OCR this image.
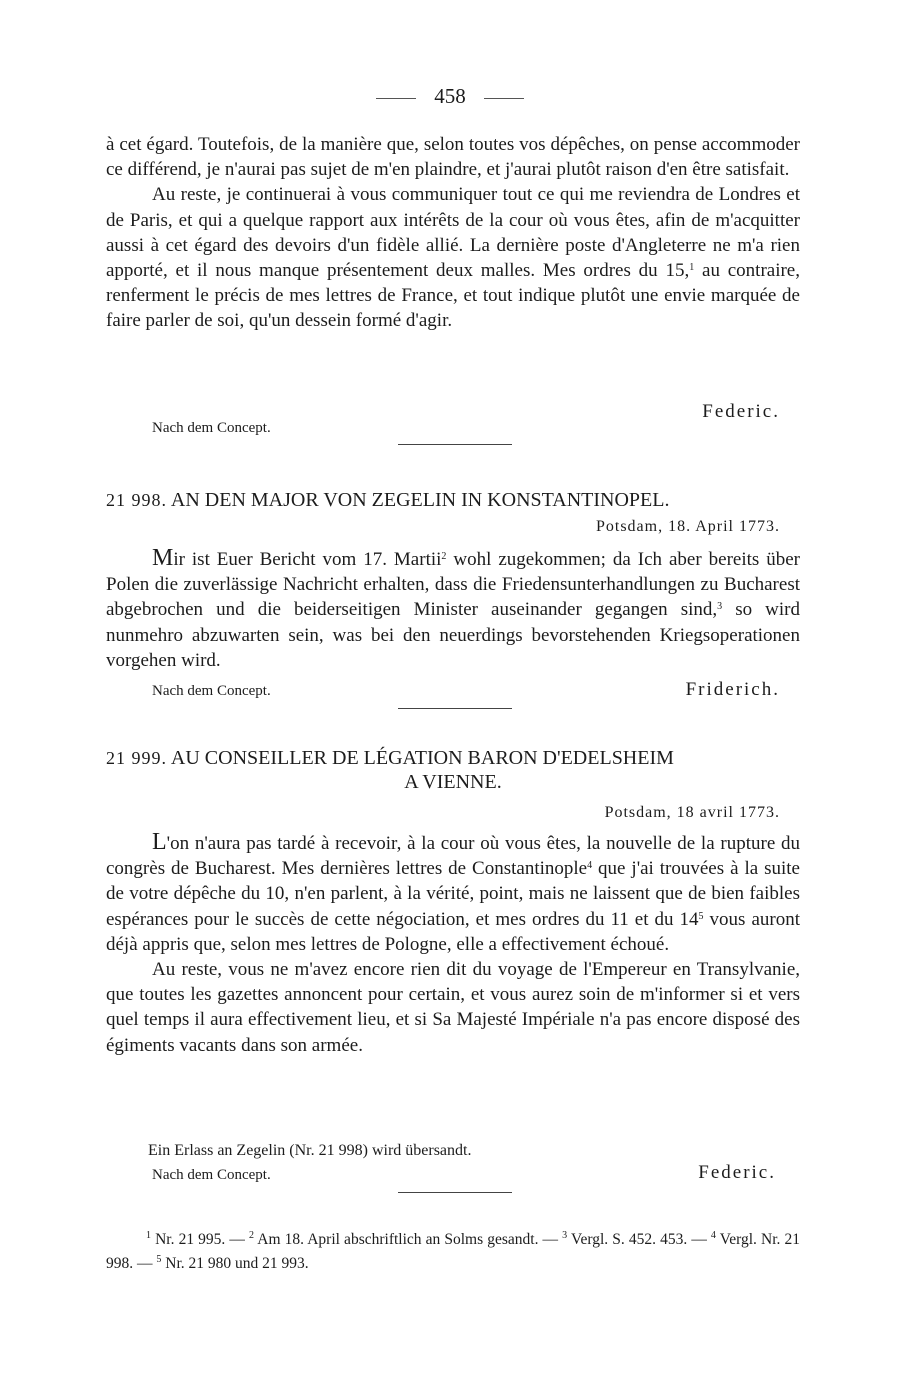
458

à cet égard. Toutefois, de la manière que, selon toutes vos dépêches, on pense accommoder ce différend, je n'aurai pas sujet de m'en plaindre, et j'aurai plutôt raison d'en être satisfait.

Au reste, je continuerai à vous communiquer tout ce qui me reviendra de Londres et de Paris, et qui a quelque rapport aux intérêts de la cour où vous êtes, afin de m'acquitter aussi à cet égard des devoirs d'un fidèle allié. La dernière poste d'Angleterre ne m'a rien apporté, et il nous manque présentement deux malles. Mes ordres du 15,$^1$ au contraire, renferment le précis de mes lettres de France, et tout indique plutôt une envie marquée de faire parler de soi, qu'un dessein formé d'agir.

Federic.
Nach dem Concept.
21 998. AN DEN MAJOR VON ZEGELIN IN KONSTANTINOPEL.
Potsdam, 18. April 1773.

Mir ist Euer Bericht vom 17. Martii$^2$ wohl zugekommen; da Ich aber bereits über Polen die zuverlässige Nachricht erhalten, dass die Friedensunterhandlungen zu Bucharest abgebrochen und die beiderseitigen Minister auseinander gegangen sind,$^3$ so wird nunmehro abzuwarten sein, was bei den neuerdings bevorstehenden Kriegsoperationen vorgehen wird.

Nach dem Concept.	Friderich.
21 999. AU CONSEILLER DE LÉGATION BARON D'EDELSHEIM
A VIENNE.
Potsdam, 18 avril 1773.

L'on n'aura pas tardé à recevoir, à la cour où vous êtes, la nouvelle de la rupture du congrès de Bucharest. Mes dernières lettres de Constantinople$^4$ que j'ai trouvées à la suite de votre dépêche du 10, n'en parlent, à la vérité, point, mais ne laissent que de bien faibles espérances pour le succès de cette négociation, et mes ordres du 11 et du $14^5$ vous auront déjà appris que, selon mes lettres de Pologne, elle a effectivement échoué.

Au reste, vous ne m'avez encore rien dit du voyage de l'Empereur en Transylvanie, que toutes les gazettes annoncent pour certain, et vous aurez soin de m'informer si et vers quel temps il aura effectivement lieu, et si Sa Majesté Impériale n'a pas encore disposé des égiments vacants dans son armée.

Ein Erlass an Zegelin (Nr. 21 998) wird übersandt.
Nach dem Concept.	Federic.
$^1$ Nr. 21 995. — $^2$ Am 18. April abschriftlich an Solms gesandt. — $^3$ Vergl. S. 452. 453. — $^4$ Vergl. Nr. 21 998. — $^5$ Nr. 21 980 und 21 993.
